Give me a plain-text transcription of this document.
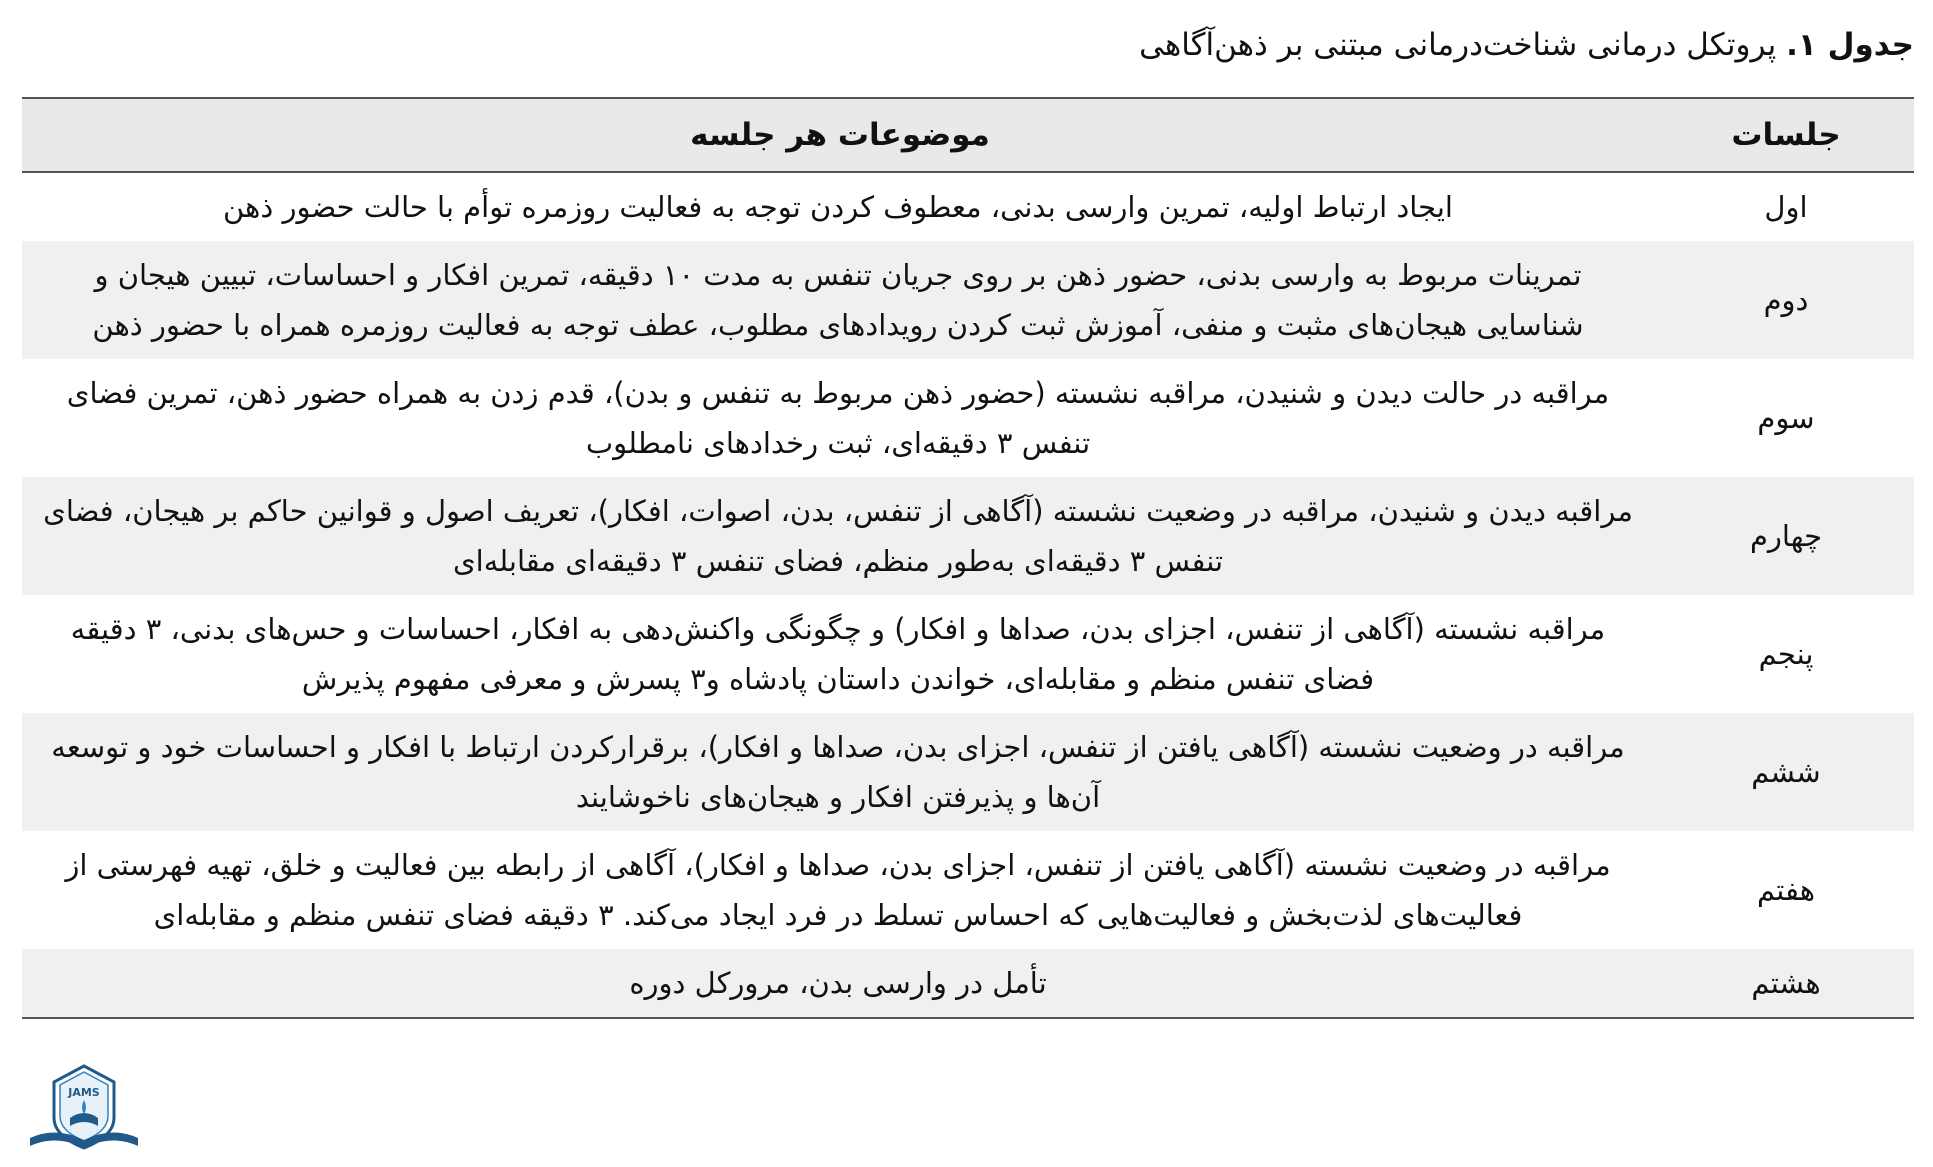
جدول ۱. پروتکل درمانی شناخت‌درمانی مبتنی بر ذهن‌آگاهی
جلسات	موضوعات هر جلسه
اول	ایجاد ارتباط اولیه، تمرین وارسی بدنی، معطوف کردن توجه به فعالیت روزمره توأم با حالت حضور ذهن
دوم	تمرینات مربوط به وارسی بدنی، حضور ذهن بر روی جریان تنفس به مدت ۱۰ دقیقه، تمرین افکار و احساسات، تبیین هیجان و شناسایی هیجان‌های مثبت و منفی، آموزش ثبت کردن رویدادهای مطلوب، عطف توجه به فعالیت روزمره همراه با حضور ذهن
سوم	مراقبه در حالت دیدن و شنیدن، مراقبه نشسته (حضور ذهن مربوط به تنفس و بدن)، قدم زدن به همراه حضور ذهن، تمرین فضای تنفس ۳ دقیقه‌ای، ثبت رخدادهای نامطلوب
چهارم	مراقبه دیدن و شنیدن، مراقبه در وضعیت نشسته (آگاهی از تنفس، بدن، اصوات، افکار)، تعریف اصول و قوانین حاکم بر هیجان، فضای تنفس ۳ دقیقه‌ای به‌طور منظم، فضای تنفس ۳ دقیقه‌ای مقابله‌ای
پنجم	مراقبه نشسته (آگاهی از تنفس، اجزای بدن، صداها و افکار) و چگونگی واکنش‌دهی به افکار، احساسات و حس‌های بدنی، ۳ دقیقه فضای تنفس منظم و مقابله‌ای، خواندن داستان پادشاه و۳ پسرش و معرفی مفهوم پذیرش
ششم	مراقبه در وضعیت نشسته (آگاهی یافتن از تنفس، اجزای بدن، صداها و افکار)، برقرارکردن ارتباط با افکار و احساسات خود و توسعه آن‌ها و پذیرفتن افکار و هیجان‌های ناخوشایند
هفتم	مراقبه در وضعیت نشسته (آگاهی یافتن از تنفس، اجزای بدن، صداها و افکار)، آگاهی از رابطه بین فعالیت و خلق، تهیه فهرستی از فعالیت‌های لذت‌بخش و فعالیت‌هایی که احساس تسلط در فرد ایجاد می‌کند. ۳ دقیقه فضای تنفس منظم و مقابله‌ای
هشتم	تأمل در وارسی بدن، مرورکل دوره
JAMS
